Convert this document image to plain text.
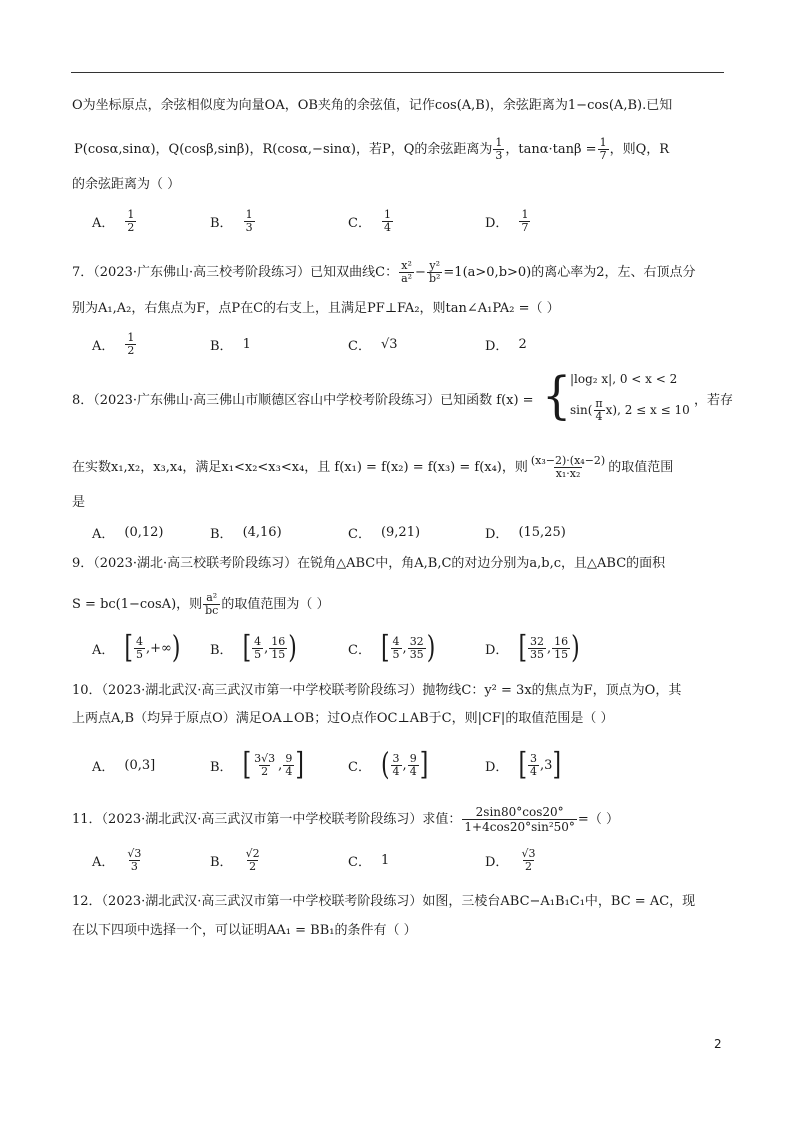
O为坐标原点，余弦相似度为向量OA，OB夹角的余弦值，记作cos(A,B)，余弦距离为1−cos(A,B).已知
P(cosα,sinα)，Q(cosβ,sinβ)，R(cosα,−sinα)，若P，Q的余弦距离为 $\frac{1}{3}$ ，$\tan\alpha\cdot\tan\beta = \frac{1}{7}$ ，则Q，R
的余弦距离为（ ）
A． $\frac{1}{2}$	B． $\frac{1}{3}$	C． $\frac{1}{4}$	D． $\frac{1}{7}$
7．（2023·广东佛山·高三校考阶段练习）已知双曲线C： $\frac{\text{x²}}{\text{a²}} - \frac{\text{y²}}{\text{b²}} =1(a>0,b>0)$的离心率为2，左、右顶点分
别为A₁,A₂，右焦点为F，点P在C的右支上，且满足PF⊥FA₂，则tan∠A₁PA₂ =（ ）
A． $\frac{1}{2}$	B． 1	C． √3	D． 2
8．（2023·广东佛山·高三佛山市顺德区容山中学校考阶段练习）已知函数 f(x) = {
|log₂ x|, 0 < x < 2
$\sin( \frac{\pi}{4} x)$, 2 ≤ x ≤ 10
，若存
在实数x₁,x₂，x₃,x₄，满足x₁<x₂<x₃<x₄，且 f(x₁) = f(x₂) = f(x₃) = f(x₄)，则 $\frac{\text{(x₃−2)·(x₄−2)}}{\text{x₁·x₂}}$ 的取值范围
是
A． (0,12)	B． (4,16)	C． (9,21)	D． (15,25)
9．（2023·湖北·高三校联考阶段练习）在锐角△ABC中，角A,B,C的对边分别为a,b,c，且△ABC的面积
S = bc(1−cosA)，则 $\frac{\text{a²}}{bc}$ 的取值范围为（ ）
A． [ $\frac{4}{5}$ , +∞ ) B． [ $\frac{4}{5}$ , $\frac{16}{15}$ )	C． [ $\frac{4}{5}$ , $\frac{32}{35}$ )	D． [ $\frac{32}{35}$ , $\frac{16}{15}$ )
10．（2023·湖北武汉·高三武汉市第一中学校联考阶段练习）抛物线C：y² = 3x的焦点为F，顶点为O，其
上两点A,B（均异于原点O）满足OA⊥OB；过O点作OC⊥AB于C，则|CF|的取值范围是（ ）
A． (0,3]	B． [ $\frac{3√3}{2}$ , $\frac{9}{4}$ ]	C． ( $\frac{3}{4}$ , $\frac{9}{4}$ ]	D． [ $\frac{3}{4}$ , 3 ]
11．（2023·湖北武汉·高三武汉市第一中学校联考阶段练习）求值： $\frac{2\sin 80^\circ\cos 20^\circ}{\text{1+4cos20°sin²50°}}$ =（ ）
A． $\frac{√3}{3}$	B． $\frac{√2}{2}$	C． 1	D． $\frac{√3}{2}$
12．（2023·湖北武汉·高三武汉市第一中学校联考阶段练习）如图，三棱台ABC−A₁B₁C₁中，BC = AC，现
在以下四项中选择一个，可以证明AA₁ = BB₁的条件有（ ）
2
